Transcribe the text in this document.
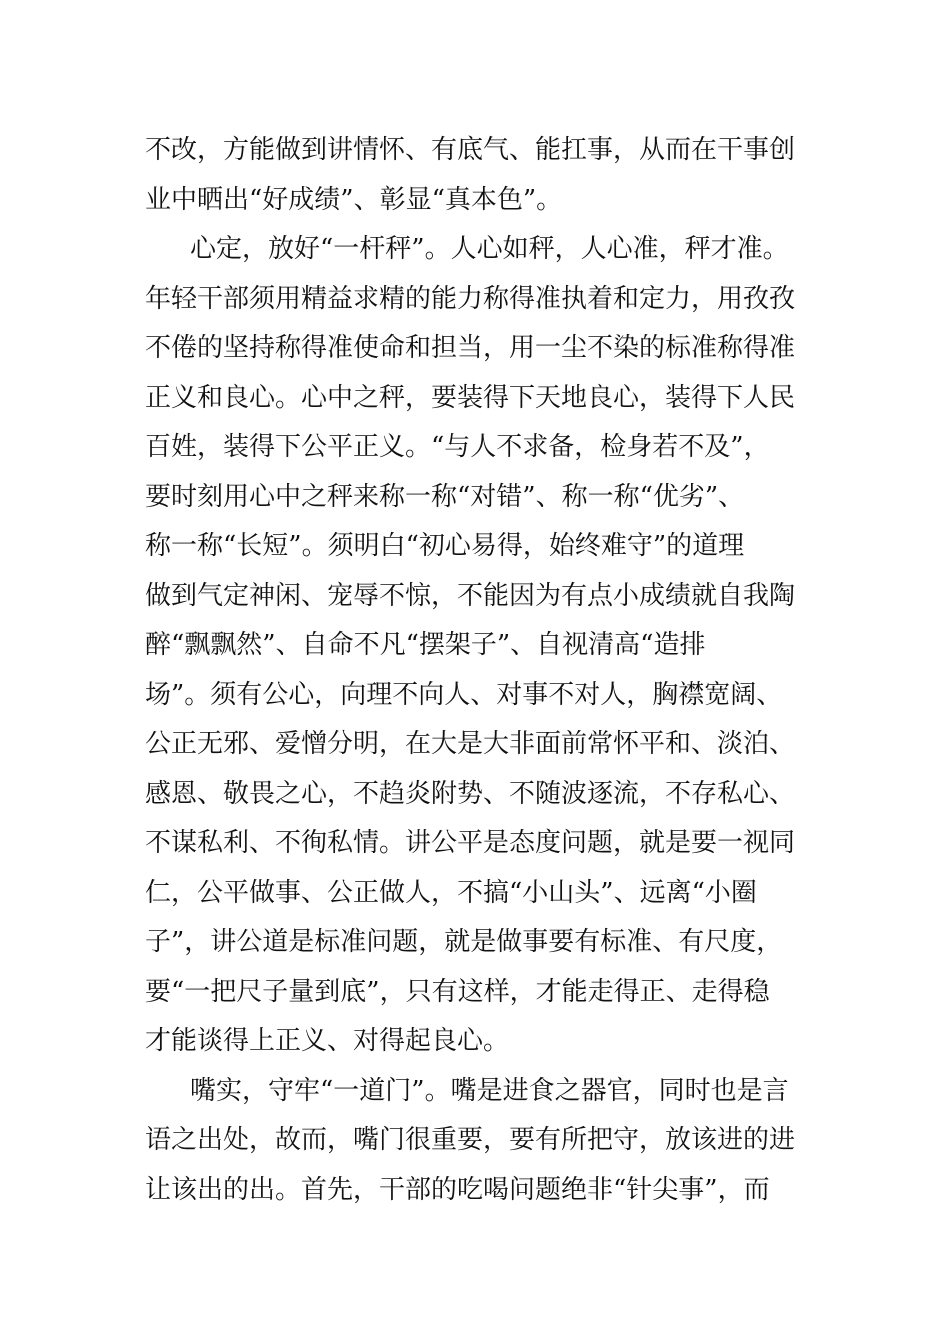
不改，方能做到讲情怀、有底气、能扛事，从而在干事创
业中晒出“好成绩”、彰显“真本色”。
心定，放好“一杆秤”。人心如秤，人心准，秤才准。
年轻干部须用精益求精的能力称得准执着和定力，用孜孜
不倦的坚持称得准使命和担当，用一尘不染的标准称得准
正义和良心。心中之秤，要装得下天地良心，装得下人民
百姓，装得下公平正义。“与人不求备，检身若不及”，
要时刻用心中之秤来称一称“对错”、称一称“优劣”、
称一称“长短”。须明白“初心易得，始终难守”的道理
做到气定神闲、宠辱不惊，不能因为有点小成绩就自我陶
醉“飘飘然”、自命不凡“摆架子”、自视清高“造排
场”。须有公心，向理不向人、对事不对人，胸襟宽阔、
公正无邪、爱憎分明，在大是大非面前常怀平和、淡泊、
感恩、敬畏之心，不趋炎附势、不随波逐流，不存私心、
不谋私利、不徇私情。讲公平是态度问题，就是要一视同
仁，公平做事、公正做人，不搞“小山头”、远离“小圈
子”，讲公道是标准问题，就是做事要有标准、有尺度，
要“一把尺子量到底”，只有这样，才能走得正、走得稳
才能谈得上正义、对得起良心。
嘴实，守牢“一道门”。嘴是进食之器官，同时也是言
语之出处，故而，嘴门很重要，要有所把守，放该进的进
让该出的出。首先，干部的吃喝问题绝非“针尖事”，而
